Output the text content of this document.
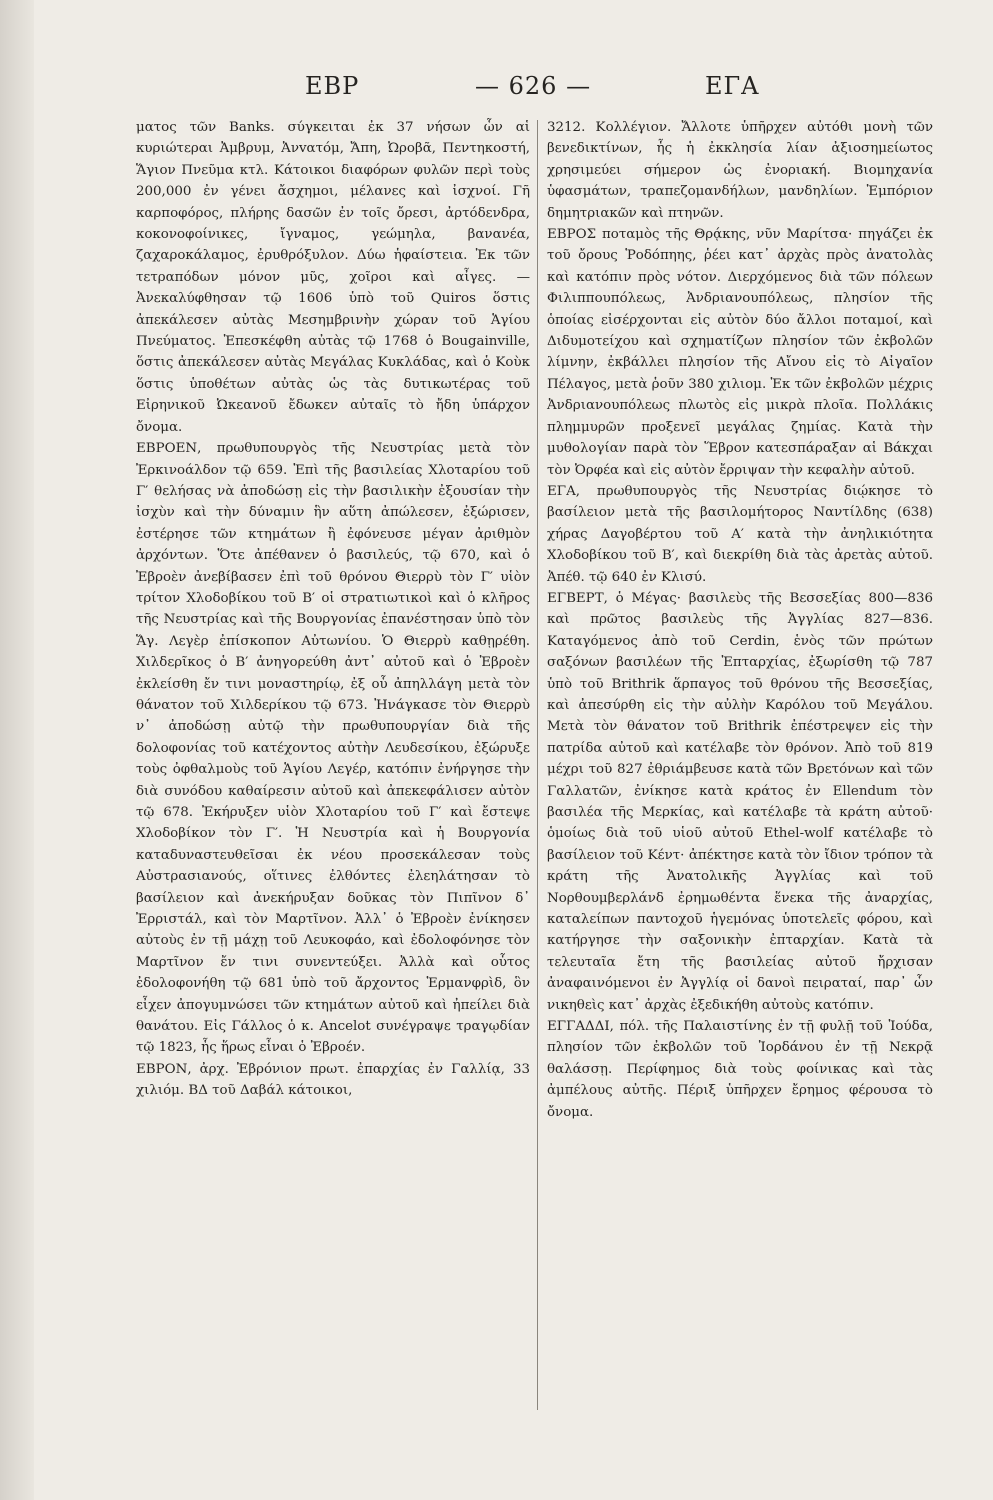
ΕΒΡ	— 626 —	ΕΓΑ

ματος τῶν Banks. σύγκειται ἐκ 37 νήσων ὧν αἱ κυριώτεραι Ἀμβρυμ, Ἀνvατόμ, Ἄπη, Ὠροβᾶ, Πεντηκοστή, Ἅγιον Πνεῦμα κτλ. Κάτοικοι διαφόρων φυλῶν περὶ τοὺς 200,000 ἐν γένει ἄσχημοι, μέλανες καὶ ἰσχνοί. Γῆ καρποφόρος, πλήρης δασῶν ἐν τοῖς ὄρεσι, ἀρτόδενδρα, κοκονοφοίνικες, ἴγναμος, γεώμηλα, βανανέα, ζαχαροκάλαμος, ἐρυθρόξυλον. Δύω ἡφαίστεια. Ἐκ τῶν τετραπόδων μόνον μῦς, χοῖροι καὶ αἶγες. —Ἀνεκαλύφθησαν τῷ 1606 ὑπὸ τοῦ Quiros ὅστις ἀπεκάλεσεν αὐτὰς Μεσημβρινὴν χώραν τοῦ Ἁγίου Πνεύματος. Ἐπεσκέφθη αὐτὰς τῷ 1768 ὁ Bougainville, ὅστις ἀπεκάλεσεν αὐτὰς Μεγάλας Κυκλάδας, καὶ ὁ Κοὺκ ὅστις ὑποθέτων αὐτὰς ὡς τὰς δυτικωτέρας τοῦ Εἰρηνικοῦ Ὠκεανοῦ ἔδωκεν αὐταῖς τὸ ἤδη ὑπάρχον ὄνομα.

ΕΒΡΟΕΝ, πρωθυπουργὸς τῆς Νευστρίας μετὰ τὸν Ἐρκινοάλδον τῷ 659. Ἐπὶ τῆς βασιλείας Χλοταρίου τοῦ Γ′ θελήσας νὰ ἀποδώσῃ εἰς τὴν βασιλικὴν ἐξουσίαν τὴν ἰσχὺν καὶ τὴν δύναμιν ἣν αὕτη ἀπώλεσεν, ἐξώρισεν, ἐστέρησε τῶν κτημάτων ἢ ἐφόνευσε μέγαν ἀριθμὸν ἀρχόντων. Ὅτε ἀπέθανεν ὁ βασιλεύς, τῷ 670, καὶ ὁ Ἐβροὲν ἀνεβίβασεν ἐπὶ τοῦ θρόνου Θιερρὺ τὸν Γ′ υἱὸν τρίτον Χλοδοβίκου τοῦ Β′ οἱ στρατιωτικοὶ καὶ ὁ κλῆρος τῆς Νευστρίας καὶ τῆς Βουργονίας ἐπανέστησαν ὑπὸ τὸν Ἅγ. Λεγὲρ ἐπίσκοπον Αὐτωνίου. Ὁ Θιερρὺ καθῃρέθη. Χιλδερῖκος ὁ Β′ ἀνηγορεύθη ἀντ᾽ αὐτοῦ καὶ ὁ Ἐβροὲν ἐκλείσθη ἔν τινι μοναστηρίῳ, ἐξ οὗ ἀπηλλάγη μετὰ τὸν θάνατον τοῦ Χιλδερίκου τῷ 673. Ἠνάγκασε τὸν Θιερρὺ ν᾽ ἀποδώσῃ αὐτῷ τὴν πρωθυπουργίαν διὰ τῆς δολοφονίας τοῦ κατέχοντος αὐτὴν Λευδεσίκου, ἐξώρυξε τοὺς ὀφθαλμοὺς τοῦ Ἁγίου Λεγέρ, κατόπιν ἐνήργησε τὴν διὰ συνόδου καθαίρεσιν αὐτοῦ καὶ ἀπεκεφάλισεν αὐτὸν τῷ 678. Ἐκήρυξεν υἱὸν Χλοταρίου τοῦ Γ′ καὶ ἔστεψε Χλοδοβίκον τὸν Γ′. Ἡ Νευστρία καὶ ἡ Βουργονία καταδυναστευθεῖσαι ἐκ νέου προσεκάλεσαν τοὺς Αὐστρασιανούς, οἵτινες ἐλθόντες ἐλεηλάτησαν τὸ βασίλειον καὶ ἀνεκήρυξαν δοῦκας τὸν Πιπῖνον δ᾽ Ἐρριστάλ, καὶ τὸν Μαρτῖνον. Ἀλλ᾽ ὁ Ἐβροὲν ἐνίκησεν αὐτοὺς ἐν τῇ μάχῃ τοῦ Λευκοφάο, καὶ ἐδολοφόνησε τὸν Μαρτῖνον ἔν τινι συνεντεύξει. Ἀλλὰ καὶ οὗτος ἐδολοφονήθη τῷ 681 ὑπὸ τοῦ ἄρχοντος Ἑρμανφρὶδ, ὃν εἶχεν ἀπογυμνώσει τῶν κτημάτων αὐτοῦ καὶ ἠπείλει διὰ θανάτου. Εἰς Γάλλος ὁ κ. Ancelot συνέγραψε τραγῳδίαν τῷ 1823, ἧς ἥρως εἶναι ὁ Ἐβροέν.

ΕΒΡΟΝ, ἀρχ. Ἐβρόνιον πρωτ. ἐπαρχίας ἐν Γαλλίᾳ, 33 χιλιόμ. ΒΔ τοῦ Δαβάλ κάτοικοι,

3212. Κολλέγιον. Ἄλλοτε ὑπῆρχεν αὐτόθι μονὴ τῶν βενεδικτίνων, ἧς ἡ ἐκκλησία λίαν ἀξιοσημείωτος χρησιμεύει σήμερον ὡς ἐνοριακή. Βιομηχανία ὑφασμάτων, τραπεζομανδήλων, μανδηλίων. Ἐμπόριον δημητριακῶν καὶ πτηνῶν.

ΕΒΡΟΣ ποταμὸς τῆς Θρᾴκης, νῦν Μαρίτσα· πηγάζει ἐκ τοῦ ὄρους Ῥοδόπηης, ῥέει κατ᾽ ἀρχὰς πρὸς ἀνατολὰς καὶ κατόπιν πρὸς νότον. Διερχόμενος διὰ τῶν πόλεων Φιλιππουπόλεως, Ἀνδριανουπόλεως, πλησίον τῆς ὁποίας εἰσέρχονται εἰς αὐτὸν δύο ἄλλοι ποταμοί, καὶ Διδυμοτείχου καὶ σχηματίζων πλησίον τῶν ἐκβολῶν λίμνην, ἐκβάλλει πλησίον τῆς Αἴνου εἰς τὸ Αἰγαῖον Πέλαγος, μετὰ ῥοῦν 380 χιλιομ. Ἐκ τῶν ἐκβολῶν μέχρις Ἀνδριανουπόλεως πλωτὸς εἰς μικρὰ πλοῖα. Πολλάκις πλημμυρῶν προξενεῖ μεγάλας ζημίας. Κατὰ τὴν μυθολογίαν παρὰ τὸν Ἕβρον κατεσπάραξαν αἱ Βάκχαι τὸν Ὀρφέα καὶ εἰς αὐτὸν ἔρριψαν τὴν κεφαλὴν αὐτοῦ.

ΕΓΑ, πρωθυπουργὸς τῆς Νευστρίας διῴκησε τὸ βασίλειον μετὰ τῆς βασιλομήτορος Ναντίλδης (638) χήρας Δαγοβέρτου τοῦ Α′ κατὰ τὴν ἀνηλικιότητα Χλοδοβίκου τοῦ Β′, καὶ διεκρίθη διὰ τὰς ἀρετὰς αὐτοῦ. Ἀπέθ. τῷ 640 ἐν Κλισύ.

ΕΓΒΕΡΤ, ὁ Μέγας· βασιλεὺς τῆς Βεσσεξίας 800—836 καὶ πρῶτος βασιλεὺς τῆς Ἀγγλίας 827—836. Καταγόμενος ἀπὸ τοῦ Cerdin, ἑνὸς τῶν πρώτων σαξόνων βασιλέων τῆς Ἐπταρχίας, ἐξωρίσθη τῷ 787 ὑπὸ τοῦ Brithrik ἅρπαγος τοῦ θρόνου τῆς Βεσσεξίας, καὶ ἀπεσύρθη εἰς τὴν αὐλὴν Καρόλου τοῦ Μεγάλου. Μετὰ τὸν θάνατον τοῦ Brithrik ἐπέστρεψεν εἰς τὴν πατρίδα αὐτοῦ καὶ κατέλαβε τὸν θρόνον. Ἀπὸ τοῦ 819 μέχρι τοῦ 827 ἐθριάμβευσε κατὰ τῶν Βρετόνων καὶ τῶν Γαλλατῶν, ἐνίκησε κατὰ κράτος ἐν Ellendum τὸν βασιλέα τῆς Μερκίας, καὶ κατέλαβε τὰ κράτη αὐτοῦ· ὁμοίως διὰ τοῦ υἱοῦ αὐτοῦ Ethel-wolf κατέλαβε τὸ βασίλειον τοῦ Κέντ· ἀπέκτησε κατὰ τὸν ἴδιον τρόπον τὰ κράτη τῆς Ἀνατολικῆς Ἀγγλίας καὶ τοῦ Νορθουμβερλάνδ ἐρημωθέντα ἕνεκα τῆς ἀναρχίας, καταλείπων παντοχοῦ ἡγεμόνας ὑποτελεῖς φόρου, καὶ κατήργησε τὴν σαξονικὴν ἐπταρχίαν. Κατὰ τὰ τελευταῖα ἔτη τῆς βασιλείας αὐτοῦ ἤρχισαν ἀναφαινόμενοι ἐν Ἀγγλίᾳ οἱ δανοὶ πειραταί, παρ᾽ ὧν νικηθεὶς κατ᾽ ἀρχὰς ἐξεδικήθη αὐτοὺς κατόπιν.

ΕΓΓΑΔΔΙ, πόλ. τῆς Παλαιστίνης ἐν τῇ φυλῇ τοῦ Ἰούδα, πλησίον τῶν ἐκβολῶν τοῦ Ἰορδάνου ἐν τῇ Νεκρᾷ θαλάσσῃ. Περίφημος διὰ τοὺς φοίνικας καὶ τὰς ἀμπέλους αὐτῆς. Πέριξ ὑπῆρχεν ἔρημος φέρουσα τὸ ὄνομα.
